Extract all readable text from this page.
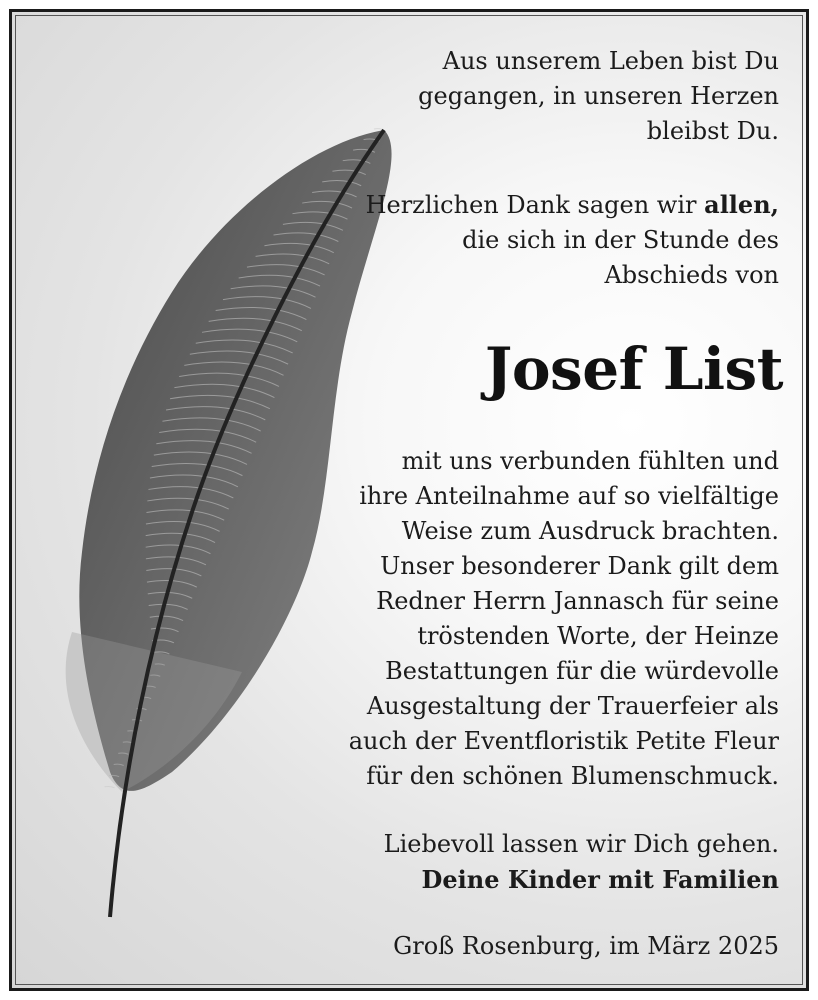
Aus unserem Leben bist Du
gegangen, in unseren Herzen
bleibst Du.
Herzlichen Dank sagen wir allen,
die sich in der Stunde des
Abschieds von
Josef List
mit uns verbunden fühlten und
ihre Anteilnahme auf so vielfältige
Weise zum Ausdruck brachten.
Unser besonderer Dank gilt dem
Redner Herrn Jannasch für seine
tröstenden Worte, der Heinze
Bestattungen für die würdevolle
Ausgestaltung der Trauerfeier als
auch der Eventfloristik Petite Fleur
für den schönen Blumenschmuck.
Liebevoll lassen wir Dich gehen.
Deine Kinder mit Familien
Groß Rosenburg, im März 2025
